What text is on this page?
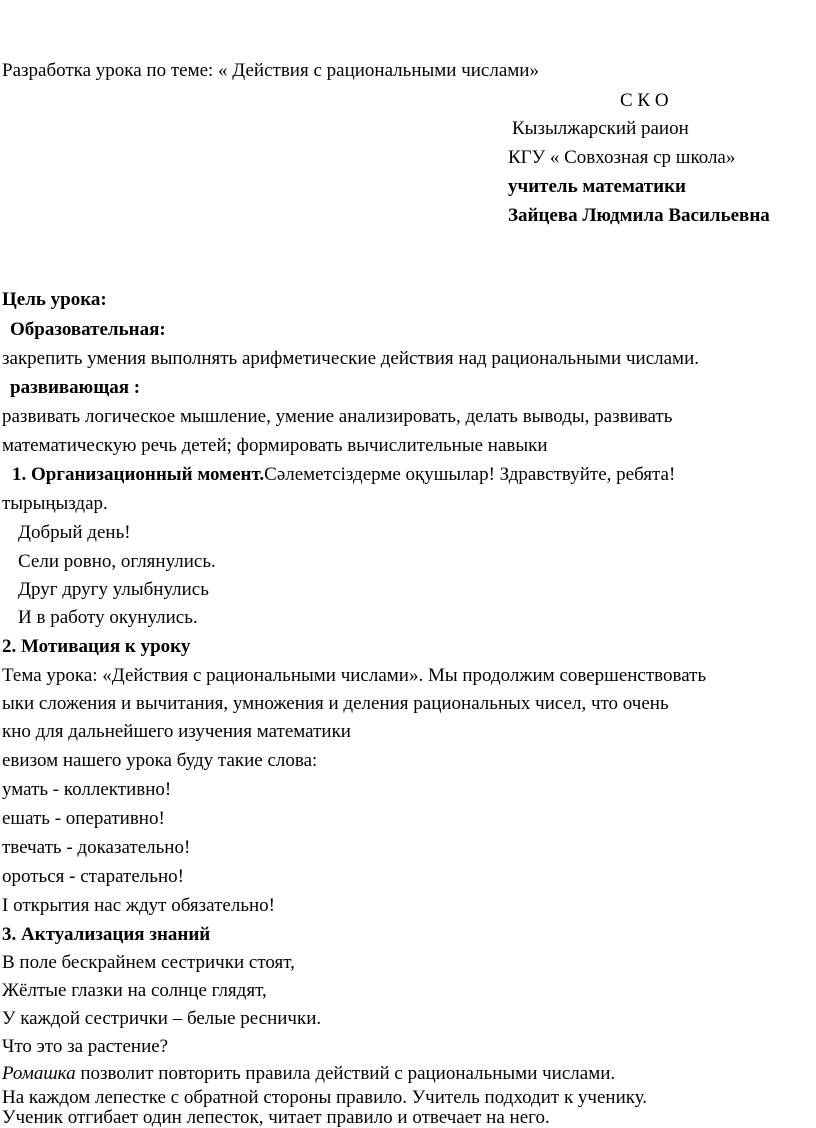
Разработка урока по теме: « Действия с рациональными числами»
С К О
Кызылжарский раион
КГУ « Совхозная ср школа»
учитель математики
Зайцева Людмила Васильевна
Цель урока:
Образовательная:
закрепить умения выполнять арифметические действия над рациональными числами.
развивающая :
развивать логическое мышление, умение анализировать, делать выводы, развивать
математическую речь детей; формировать вычислительные навыки
1. Организационный момент.Сәлеметсіздерме оқушылар! Здравствуйте, ребята!
тырыңыздар.
Добрый день!
Сели ровно, оглянулись.
Друг другу улыбнулись
И в работу окунулись.
2. Мотивация к уроку
Тема урока: «Действия с рациональными числами». Мы продолжим совершенствовать
ыки сложения и вычитания, умножения и деления рациональных чисел, что очень
кно для дальнейшего изучения математики
евизом нашего урока буду такие слова:
умать - коллективно!
ешать - оперативно!
твечать - доказательно!
ороться - старательно!
I открытия нас ждут обязательно!
3. Актуализация знаний
В поле бескрайнем сестрички стоят,
Жёлтые глазки на солнце глядят,
У каждой сестрички – белые реснички.
Что это за растение?
Ромашка позволит повторить правила действий с рациональными числами.
На каждом лепестке с обратной стороны правило. Учитель подходит к ученику.
Ученик отгибает один лепесток, читает правило и отвечает на него.
